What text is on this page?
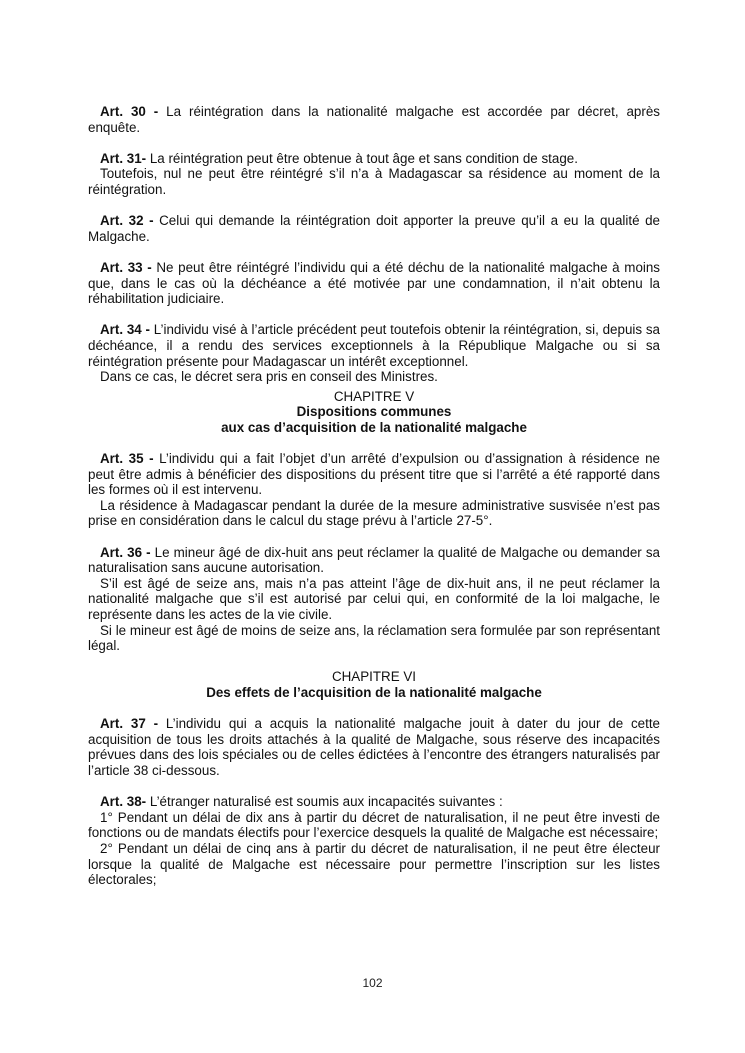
Art. 30 - La réintégration dans la nationalité malgache est accordée par décret, après enquête.
Art. 31- La réintégration peut être obtenue à tout âge et sans condition de stage.
Toutefois, nul ne peut être réintégré s’il n’a à Madagascar sa résidence au moment de la réintégration.
Art. 32 - Celui qui demande la réintégration doit apporter la preuve qu’il a eu la qualité de Malgache.
Art. 33 - Ne peut être réintégré l’individu qui a été déchu de la nationalité malgache à moins que, dans le cas où la déchéance a été motivée par une condamnation, il n’ait obtenu la réhabilitation judiciaire.
Art. 34 - L’individu visé à l’article précédent peut toutefois obtenir la réintégration, si, depuis sa déchéance, il a rendu des services exceptionnels à la République Malgache ou si sa réintégration présente pour Madagascar un intérêt exceptionnel.
Dans ce cas, le décret sera pris en conseil des Ministres.
CHAPITRE V
Dispositions communes
aux cas d’acquisition de la nationalité malgache
Art. 35 - L’individu qui a fait l’objet d’un arrêté d’expulsion ou d’assignation à résidence ne peut être admis à bénéficier des dispositions du présent titre que si l’arrêté a été rapporté dans les formes où il est intervenu.
La résidence à Madagascar pendant la durée de la mesure administrative susvisée n’est pas prise en considération dans le calcul du stage prévu à l’article 27-5°.
Art. 36 - Le mineur âgé de dix-huit ans peut réclamer la qualité de Malgache ou demander sa naturalisation sans aucune autorisation.
S’il est âgé de seize ans, mais n’a pas atteint l’âge de dix-huit ans, il ne peut réclamer la nationalité malgache que s’il est autorisé par celui qui, en conformité de la loi malgache, le représente dans les actes de la vie civile.
Si le mineur est âgé de moins de seize ans, la réclamation sera formulée par son représentant légal.
CHAPITRE VI
Des effets de l’acquisition de la nationalité malgache
Art. 37 - L’individu qui a acquis la nationalité malgache jouit à dater du jour de cette acquisition de tous les droits attachés à la qualité de Malgache, sous réserve des incapacités prévues dans des lois spéciales ou de celles édictées à l’encontre des étrangers naturalisés par l’article 38 ci-dessous.
Art. 38- L’étranger naturalisé est soumis aux incapacités suivantes :
1° Pendant un délai de dix ans à partir du décret de naturalisation, il ne peut être investi de fonctions ou de mandats électifs pour l’exercice desquels la qualité de Malgache est nécessaire;
2° Pendant un délai de cinq ans à partir du décret de naturalisation, il ne peut être électeur lorsque la qualité de Malgache est nécessaire pour permettre l’inscription sur les listes électorales;
102
